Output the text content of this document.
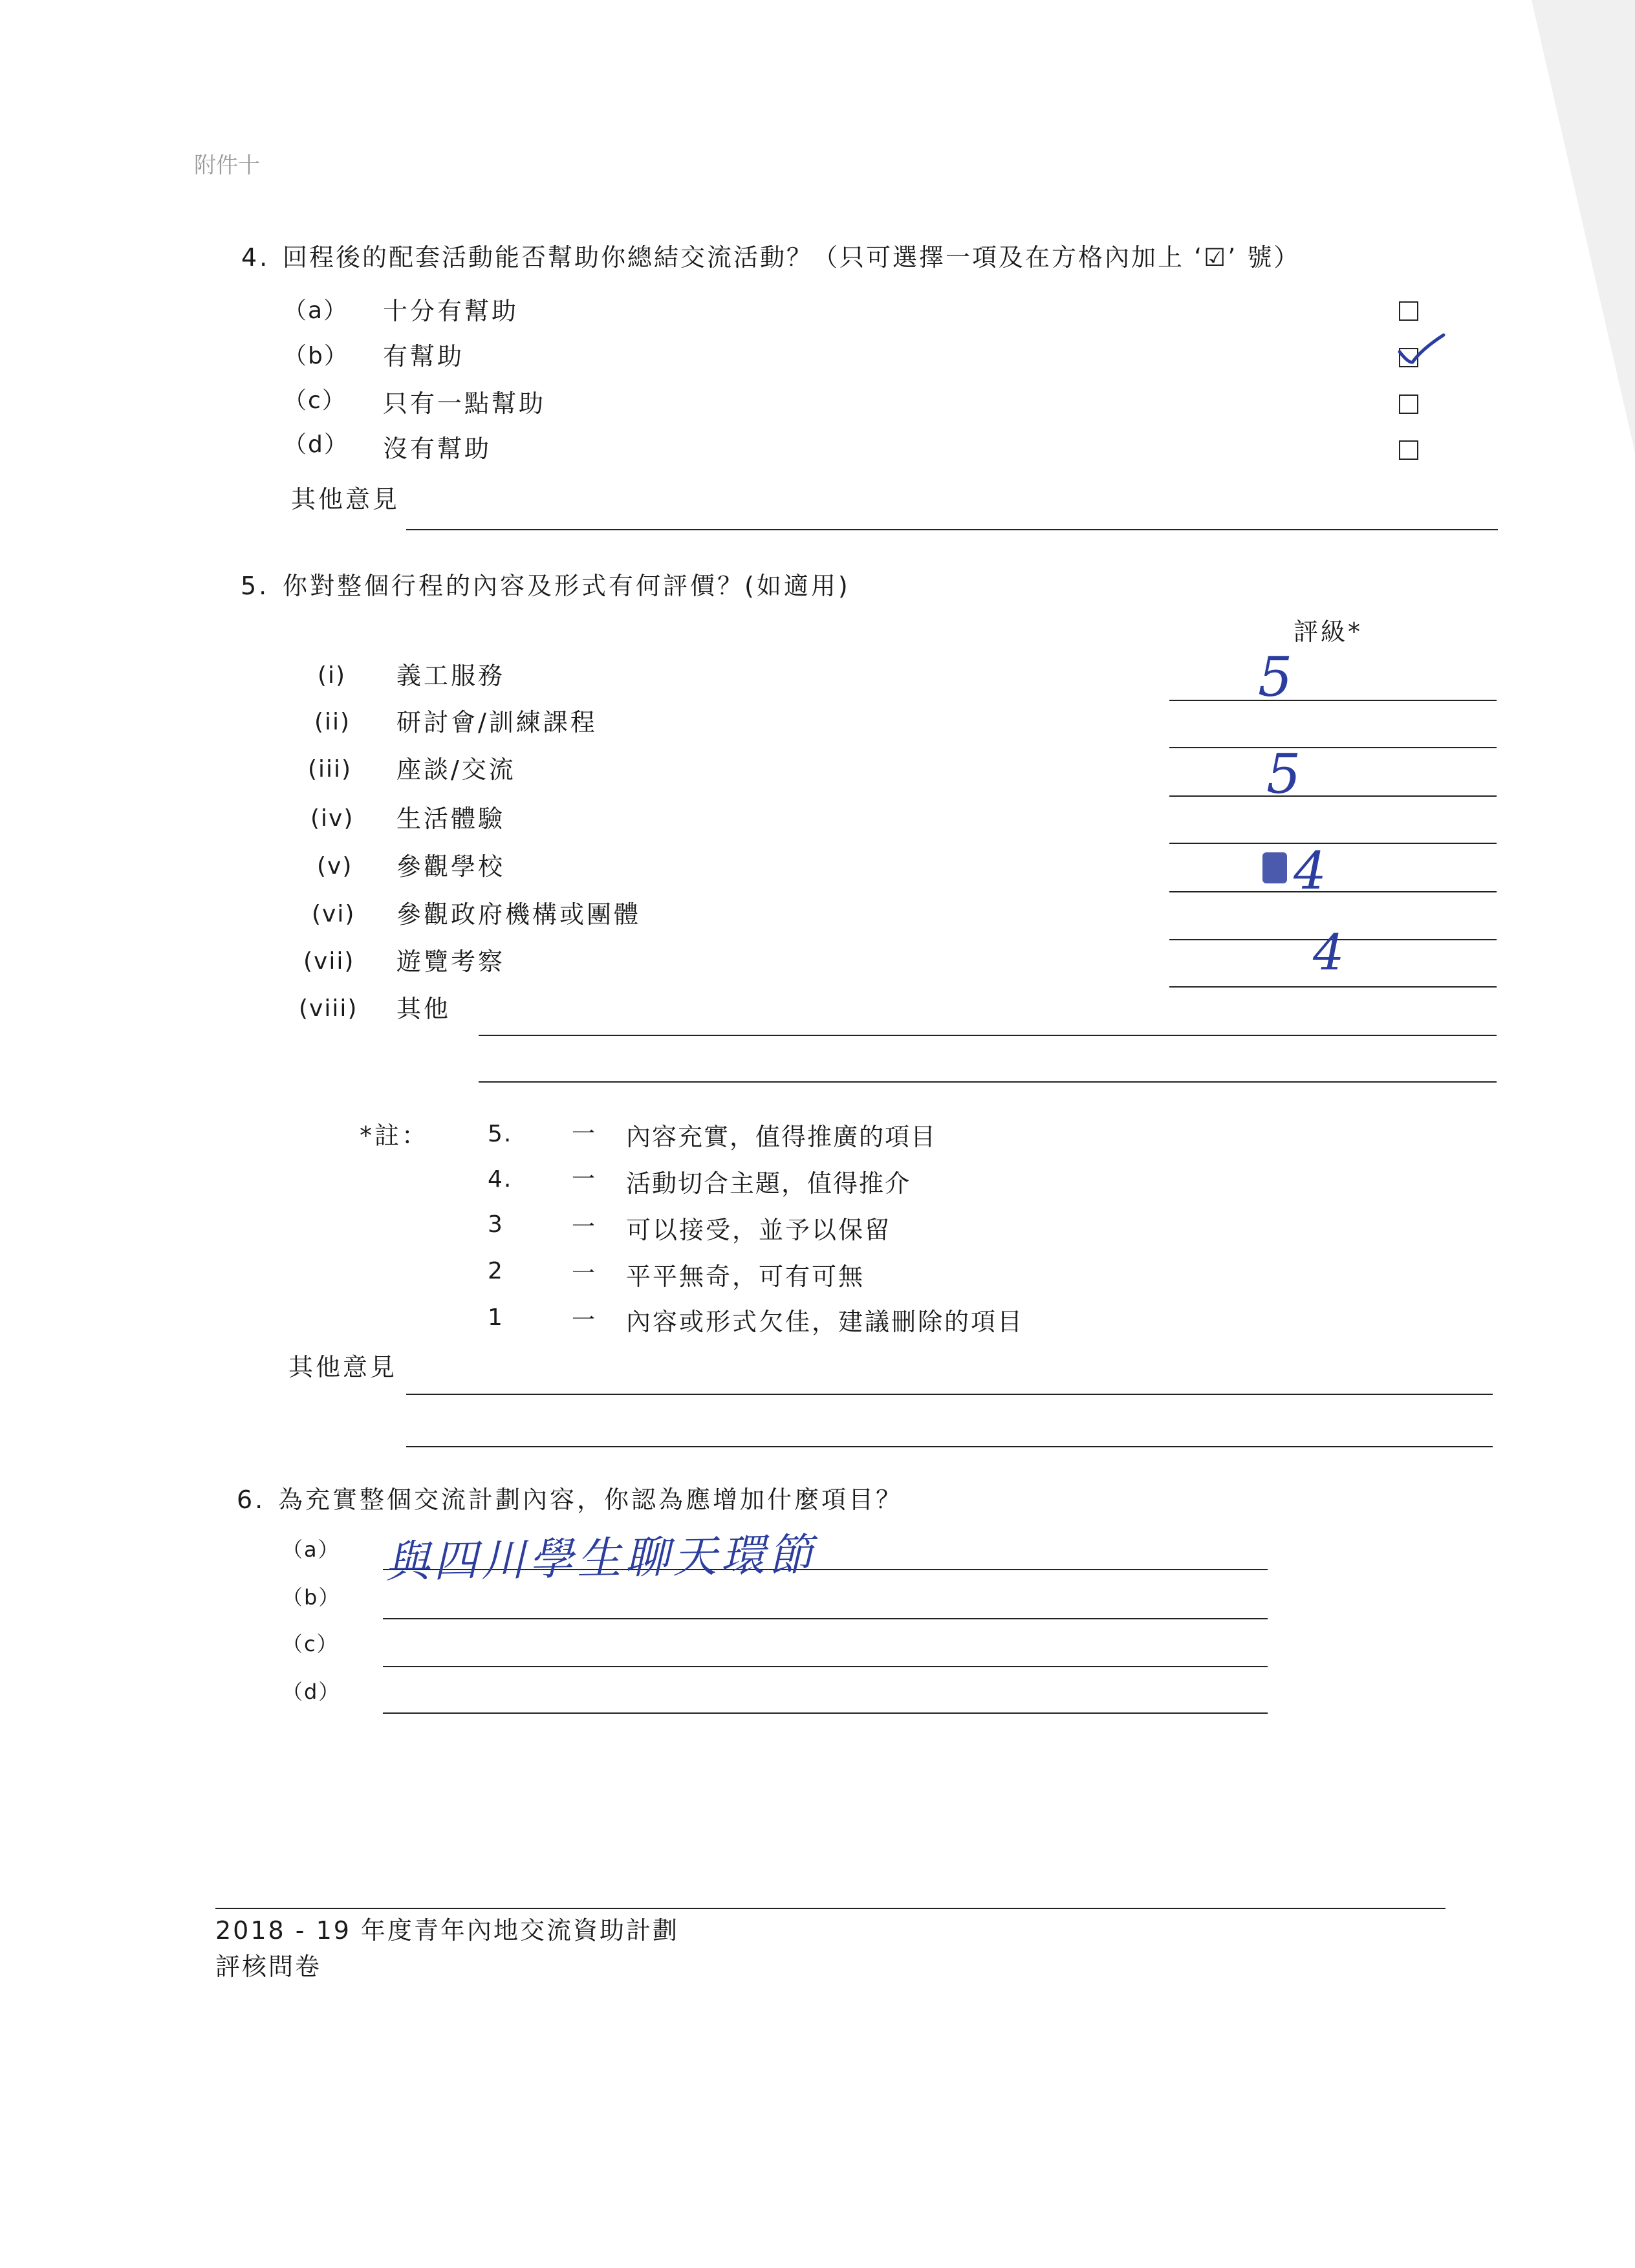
附件十
4. 回程後的配套活動能否幫助你總結交流活動？（只可選擇一項及在方格內加上 ‘☑’ 號）
（a） 十分有幫助
（b） 有幫助
（c） 只有一點幫助
（d） 沒有幫助
其他意見
5. 你對整個行程的內容及形式有何評價？(如適用)
評級*
(i) 義工服務	5
(ii) 研討會/訓練課程
(iii) 座談/交流	5
(iv) 生活體驗
(v) 參觀學校	4
(vi) 參觀政府機構或團體
(vii) 遊覽考察	4
(viii) 其他
*註：	5.	一 內容充實，值得推廣的項目
4.	一 活動切合主題，值得推介
3	一 可以接受，並予以保留
2	一 平平無奇，可有可無
1	一 內容或形式欠佳，建議刪除的項目
其他意見
6. 為充實整個交流計劃內容，你認為應增加什麼項目？
（a） 與四川學生聊天環節
（b）
（c）
（d）
2018 - 19 年度青年內地交流資助計劃
評核問卷
